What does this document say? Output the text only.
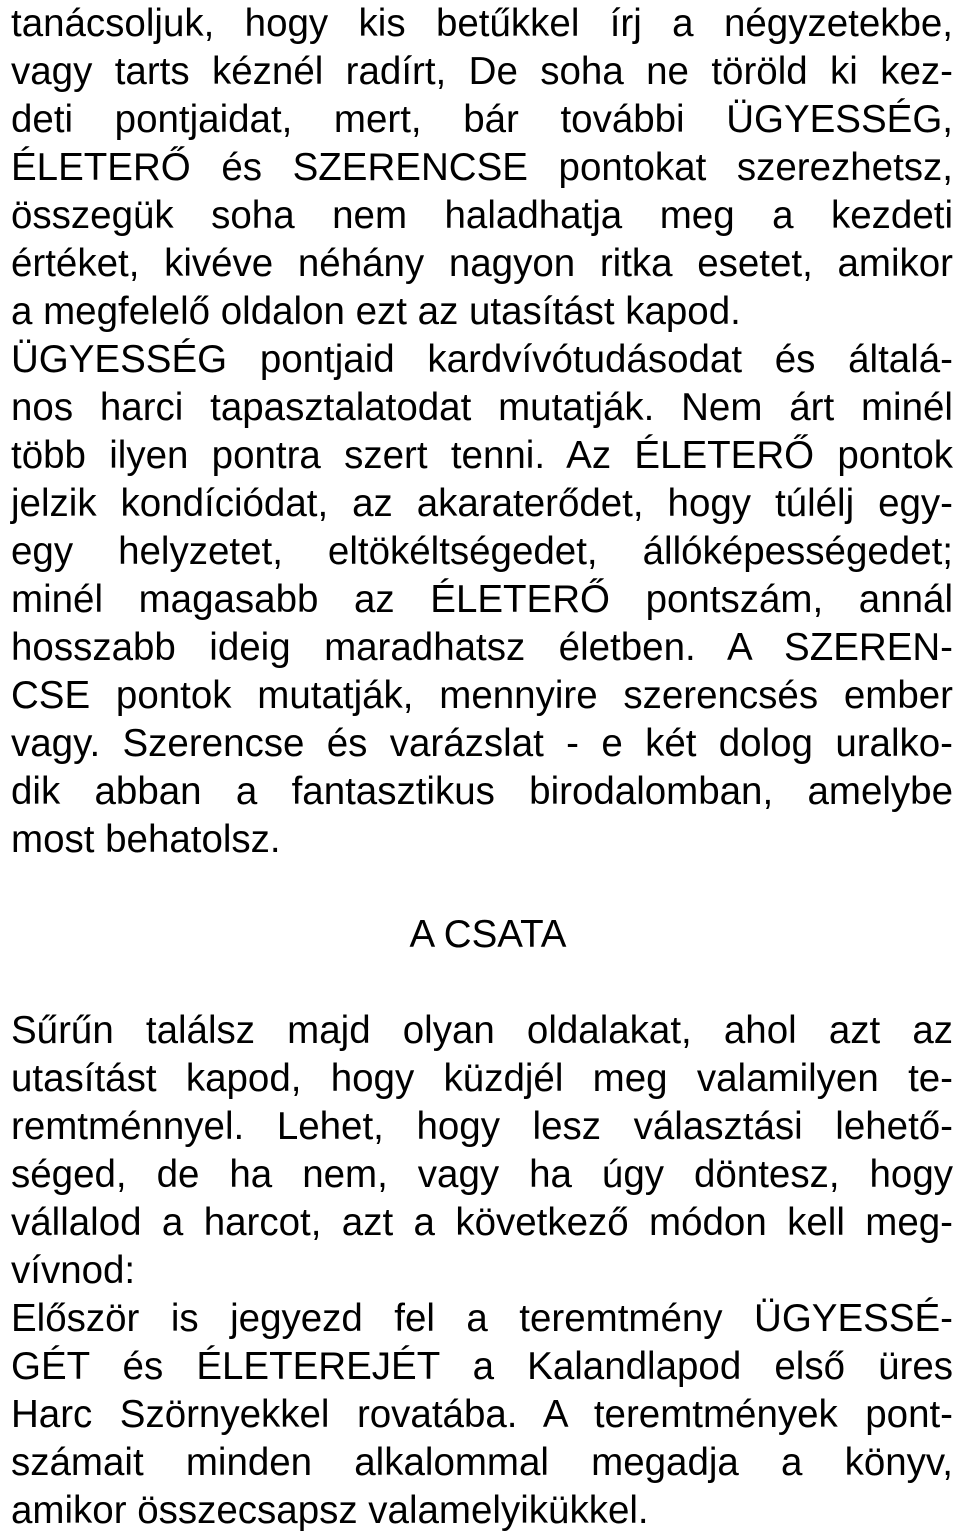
tanácsoljuk, hogy kis betűkkel írj a négyzetekbe,
vagy tarts kéznél radírt, De soha ne töröld ki kez-
deti pontjaidat, mert, bár további ÜGYESSÉG,
ÉLETERŐ és SZERENCSE pontokat szerezhetsz,
összegük soha nem haladhatja meg a kezdeti
értéket, kivéve néhány nagyon ritka esetet, amikor
a megfelelő oldalon ezt az utasítást kapod.
ÜGYESSÉG pontjaid kardvívótudásodat és általá-
nos harci tapasztalatodat mutatják. Nem árt minél
több ilyen pontra szert tenni. Az ÉLETERŐ pontok
jelzik kondíciódat, az akaraterődet, hogy túlélj egy-
egy helyzetet, eltökéltségedet, állóképességedet;
minél magasabb az ÉLETERŐ pontszám, annál
hosszabb ideig maradhatsz életben. A SZEREN-
CSE pontok mutatják, mennyire szerencsés ember
vagy. Szerencse és varázslat - e két dolog uralko-
dik abban a fantasztikus birodalomban, amelybe
most behatolsz.
A CSATA
Sűrűn találsz majd olyan oldalakat, ahol azt az
utasítást kapod, hogy küzdjél meg valamilyen te-
remtménnyel. Lehet, hogy lesz választási lehető-
séged, de ha nem, vagy ha úgy döntesz, hogy
vállalod a harcot, azt a következő módon kell meg-
vívnod:
Először is jegyezd fel a teremtmény ÜGYESSÉ-
GÉT és ÉLETEREJÉT a Kalandlapod első üres
Harc Szörnyekkel rovatába. A teremtmények pont-
számait minden alkalommal megadja a könyv,
amikor összecsapsz valamelyikükkel.
